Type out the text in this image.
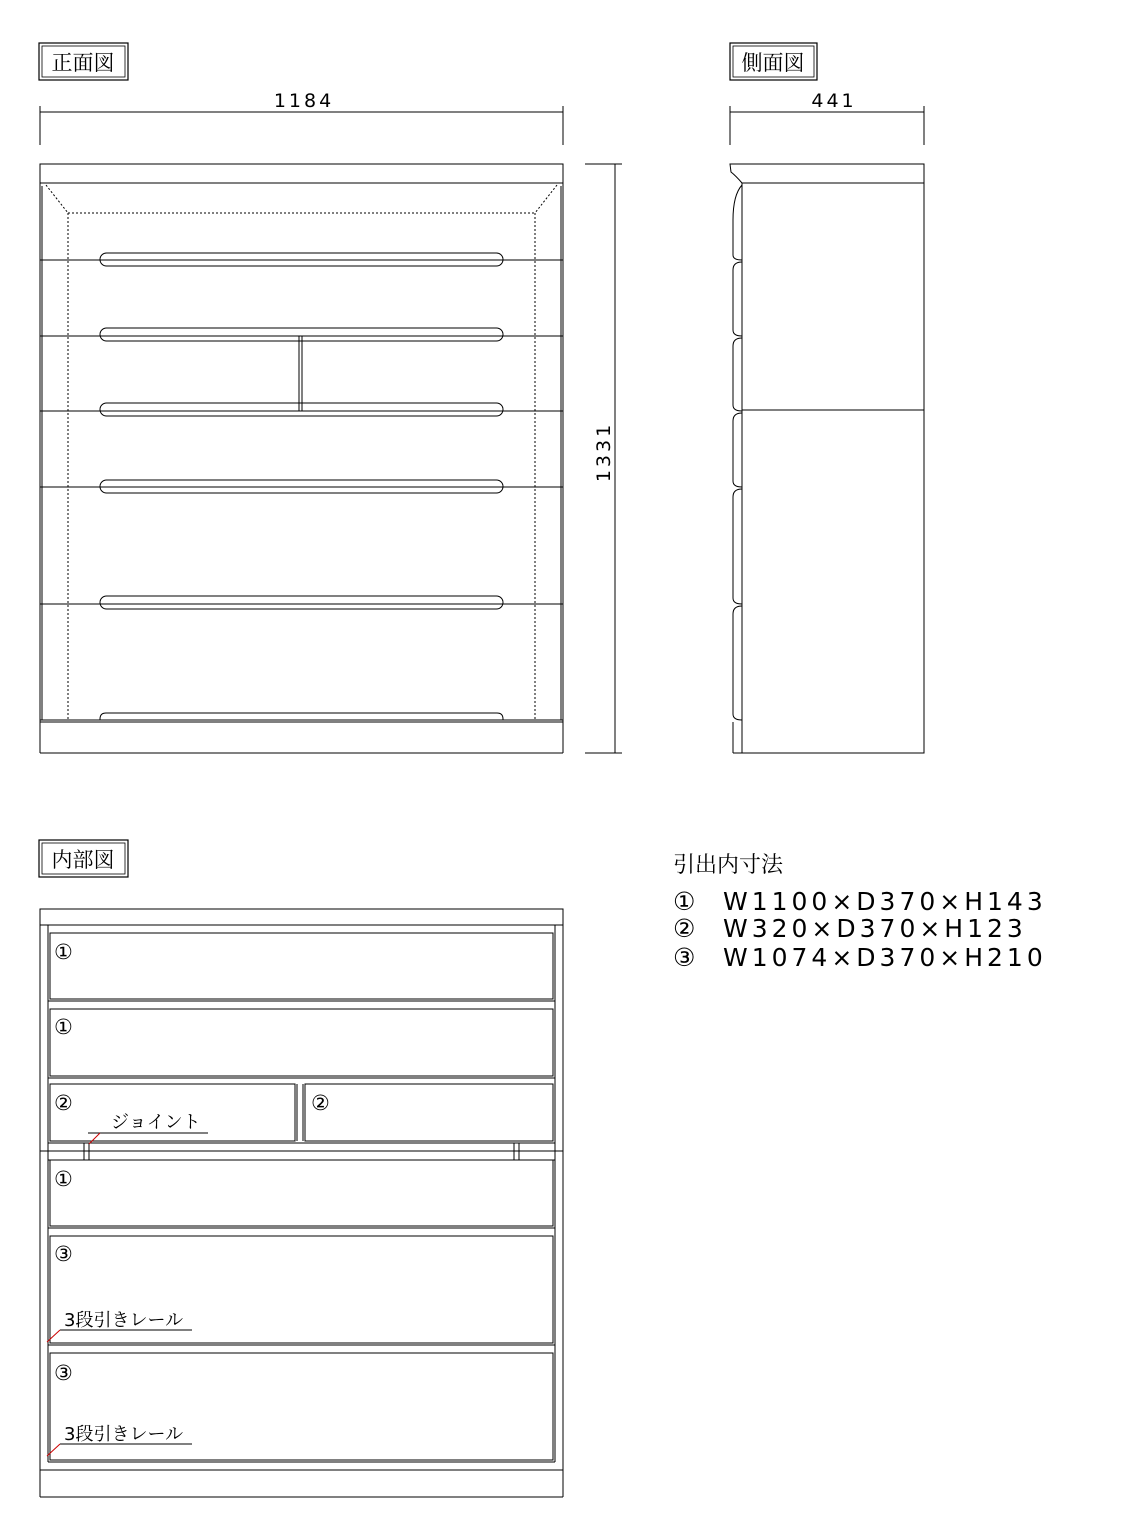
正面図	側面図
内部図
1184	441
1331
①
①
②	②
①
③
③
ジョイント
3段引きレール
3段引きレール
引出内寸法
① W1100×D370×H143
② W320×D370×H123
③ W1074×D370×H210
